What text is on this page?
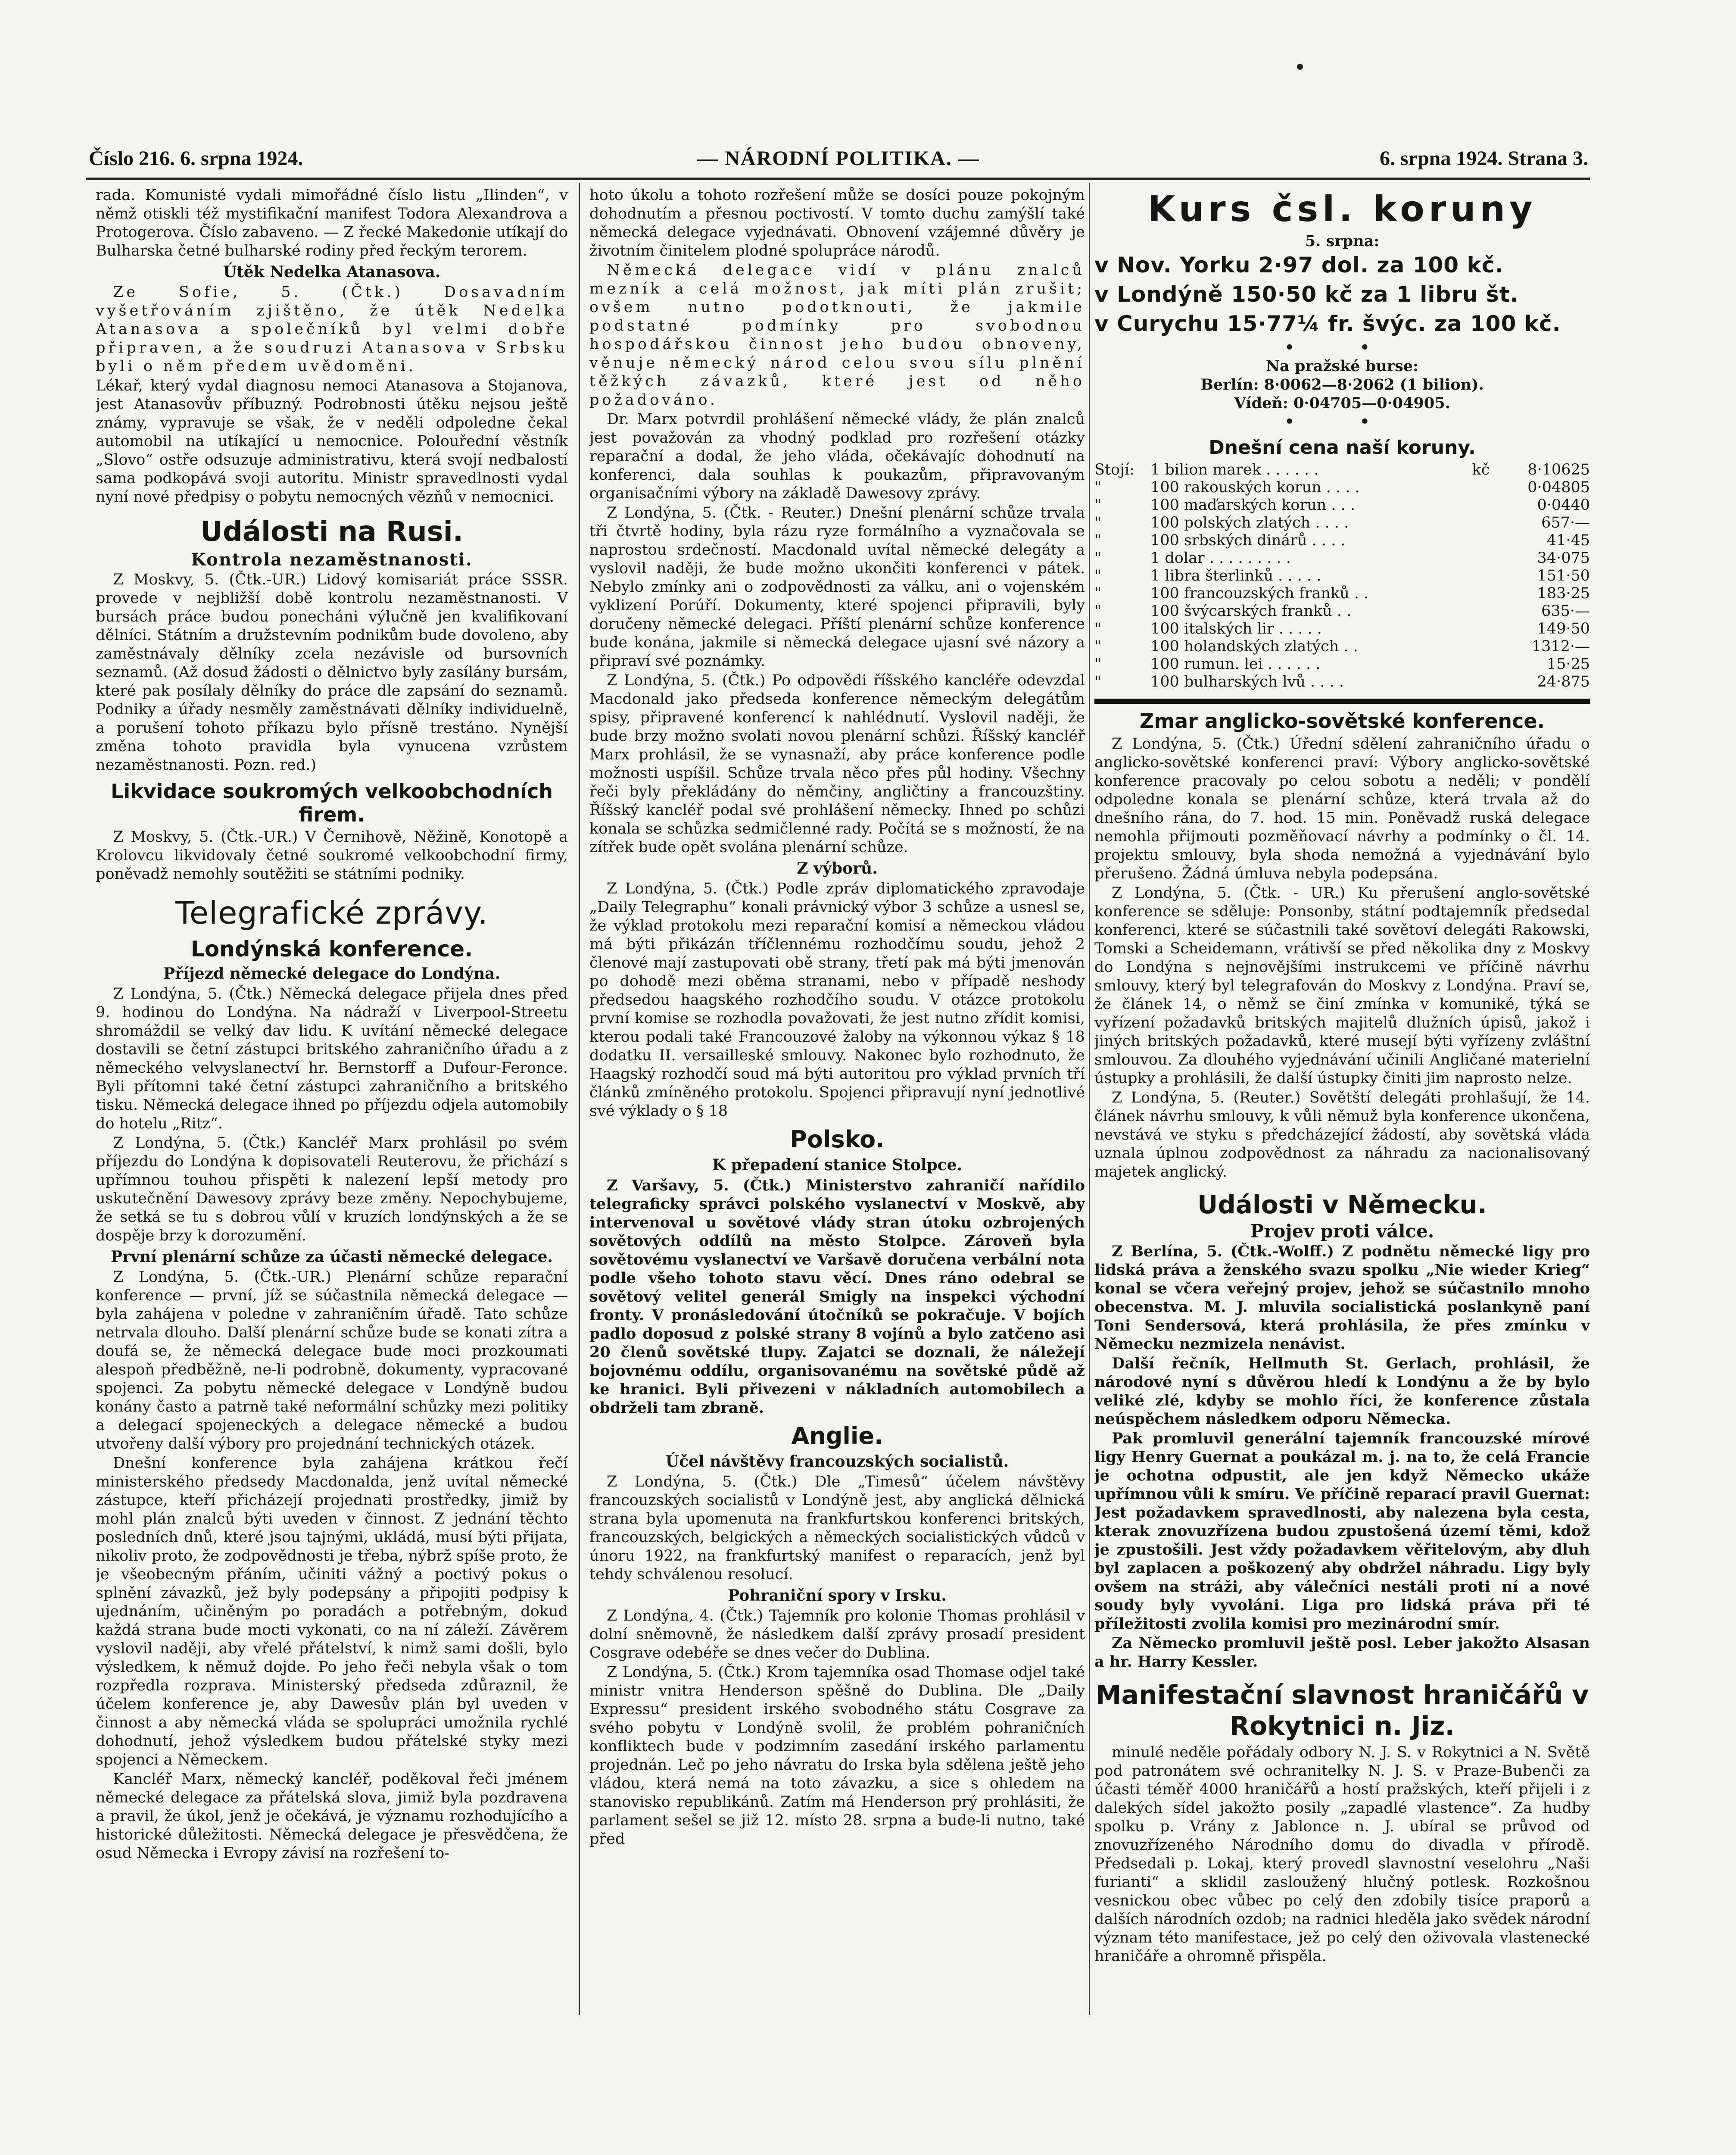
Číslo 216. 6. srpna 1924.	— NÁRODNÍ POLITIKA. —	6. srpna 1924. Strana 3.

rada. Komunisté vydali mimořádné číslo listu „Ilinden“, v němž otiskli též mystifikační manifest Todora Alexandrova a Protogerova. Číslo zabaveno. — Z řecké Makedonie utíkají do Bulharska četné bulharské rodiny před řeckým terorem.

Útěk Nedelka Atanasova.

Ze Sofie, 5. (Čtk.) Dosavadním vyšetřováním zjištěno, že útěk Nedelka Atanasova a společníků byl velmi dobře připraven, a že soudruzi Atanasova v Srbsku byli o něm předem uvědoměni.

Lékař, který vydal diagnosu nemoci Atanasova a Stojanova, jest Atanasovův příbuzný. Podrobnosti útěku nejsou ještě známy, vypravuje se však, že v neděli odpoledne čekal automobil na utíkající u nemocnice. Polouřední věstník „Slovo“ ostře odsuzuje administrativu, která svojí nedbalostí sama podkopává svoji autoritu. Ministr spravedlnosti vydal nyní nové předpisy o pobytu nemocných vězňů v nemocnici.

Události na Rusi.
Kontrola nezaměstnanosti.

Z Moskvy, 5. (Čtk.-UR.) Lidový komisariát práce SSSR. provede v nejbližší době kontrolu nezaměstnanosti. V bursách práce budou ponecháni výlučně jen kvalifikovaní dělníci. Státním a družstevním podnikům bude dovoleno, aby zaměstnávaly dělníky zcela nezávisle od bursovních seznamů. (Až dosud žádosti o dělnictvo byly zasílány bursám, které pak posílaly dělníky do práce dle zapsání do seznamů. Podniky a úřady nesměly zaměstnávati dělníky individuelně, a porušení tohoto příkazu bylo přísně trestáno. Nynější změna tohoto pravidla byla vynucena vzrůstem nezaměstnanosti. Pozn. red.)

Likvidace soukromých velkoobchodních firem.

Z Moskvy, 5. (Čtk.-UR.) V Černihově, Něžině, Konotopě a Krolovcu likvidovaly četné soukromé velkoobchodní firmy, poněvadž nemohly soutěžiti se státními podniky.

Telegrafické zprávy.
Londýnská konference.
Příjezd německé delegace do Londýna.

Z Londýna, 5. (Čtk.) Německá delegace přijela dnes před 9. hodinou do Londýna. Na nádraží v Liverpool-Streetu shromáždil se velký dav lidu. K uvítání německé delegace dostavili se četní zástupci britského zahraničního úřadu a z německého velvyslanectví hr. Bernstorff a Dufour-Feronce. Byli přítomni také četní zástupci zahraničního a britského tisku. Německá delegace ihned po příjezdu odjela automobily do hotelu „Ritz“.

Z Londýna, 5. (Čtk.) Kancléř Marx prohlásil po svém příjezdu do Londýna k dopisovateli Reuterovu, že přichází s upřímnou touhou přispěti k nalezení lepší metody pro uskutečnění Dawesovy zprávy beze změny. Nepochybujeme, že setká se tu s dobrou vůlí v kruzích londýnských a že se dospěje brzy k dorozumění.

První plenární schůze za účasti německé delegace.

Z Londýna, 5. (Čtk.-UR.) Plenární schůze reparační konference — první, jíž se súčastnila německá delegace — byla zahájena v poledne v zahraničním úřadě. Tato schůze netrvala dlouho. Další plenární schůze bude se konati zítra a doufá se, že německá delegace bude moci prozkoumati alespoň předběžně, ne-li podrobně, dokumenty, vypracované spojenci. Za pobytu německé delegace v Londýně budou konány často a patrně také neformální schůzky mezi politiky a delegací spojeneckých a delegace německé a budou utvořeny další výbory pro projednání technických otázek.

Dnešní konference byla zahájena krátkou řečí ministerského předsedy Macdonalda, jenž uvítal německé zástupce, kteří přicházejí projednati prostředky, jimiž by mohl plán znalců býti uveden v činnost. Z jednání těchto posledních dnů, které jsou tajnými, ukládá, musí býti přijata, nikoliv proto, že zodpovědnosti je třeba, nýbrž spíše proto, že je všeobecným přáním, učiniti vážný a poctivý pokus o splnění závazků, jež byly podepsány a připojiti podpisy k ujednáním, učiněným po poradách a potřebným, dokud každá strana bude mocti vykonati, co na ní záleží. Závěrem vyslovil naději, aby vřelé přátelství, k nimž sami došli, bylo výsledkem, k němuž dojde. Po jeho řeči nebyla však o tom rozpředla rozprava. Ministerský předseda zdůraznil, že účelem konference je, aby Dawesův plán byl uveden v činnost a aby německá vláda se spolupráci umožnila rychlé dohodnutí, jehož výsledkem budou přátelské styky mezi spojenci a Německem.

Kancléř Marx, německý kancléř, poděkoval řeči jménem německé delegace za přátelská slova, jimiž byla pozdravena a pravil, že úkol, jenž je očekává, je významu rozhodujícího a historické důležitosti. Německá delegace je přesvědčena, že osud Německa i Evropy závisí na rozřešení to-

hoto úkolu a tohoto rozřešení může se dosíci pouze pokojným dohodnutím a přesnou poctivostí. V tomto duchu zamýšlí také německá delegace vyjednávati. Obnovení vzájemné důvěry je životním činitelem plodné spolupráce národů.

Německá delegace vidí v plánu znalců mezník a celá možnost, jak míti plán zrušit; ovšem nutno podotknouti, že jakmile podstatné podmínky pro svobodnou hospodářskou činnost jeho budou obnoveny, věnuje německý národ celou svou sílu plnění těžkých závazků, které jest od něho požadováno.

Dr. Marx potvrdil prohlášení německé vlády, že plán znalců jest považován za vhodný podklad pro rozřešení otázky reparační a dodal, že jeho vláda, očekávajíc dohodnutí na konferenci, dala souhlas k poukazům, připravovaným organisačními výbory na základě Dawesovy zprávy.

Z Londýna, 5. (Čtk. - Reuter.) Dnešní plenární schůze trvala tři čtvrtě hodiny, byla rázu ryze formálního a vyznačovala se naprostou srdečností. Macdonald uvítal německé delegáty a vyslovil naději, že bude možno ukončiti konferenci v pátek. Nebylo zmínky ani o zodpovědnosti za válku, ani o vojenském vyklizení Porúří. Dokumenty, které spojenci připravili, byly doručeny německé delegaci. Příští plenární schůze konference bude konána, jakmile si německá delegace ujasní své názory a připraví své poznámky.

Z Londýna, 5. (Čtk.) Po odpovědi říšského kancléře odevzdal Macdonald jako předseda konference německým delegátům spisy, připravené konferencí k nahlédnutí. Vyslovil naději, že bude brzy možno svolati novou plenární schůzi. Říšský kancléř Marx prohlásil, že se vynasnaží, aby práce konference podle možnosti uspíšil. Schůze trvala něco přes půl hodiny. Všechny řeči byly překládány do němčiny, angličtiny a francouzštiny. Říšský kancléř podal své prohlášení německy. Ihned po schůzi konala se schůzka sedmičlenné rady. Počítá se s možností, že na zítřek bude opět svolána plenární schůze.

Z výborů.

Z Londýna, 5. (Čtk.) Podle zpráv diplomatického zpravodaje „Daily Telegraphu“ konali právnický výbor 3 schůze a usnesl se, že výklad protokolu mezi reparační komisí a německou vládou má býti přikázán tříčlennému rozhodčímu soudu, jehož 2 členové mají zastupovati obě strany, třetí pak má býti jmenován po dohodě mezi oběma stranami, nebo v případě neshody předsedou haagského rozhodčího soudu. V otázce protokolu první komise se rozhodla považovati, že jest nutno zřídit komisi, kterou podali také Francouzové žaloby na výkonnou výkaz § 18 dodatku II. versailleské smlouvy. Nakonec bylo rozhodnuto, že Haagský rozhodčí soud má býti autoritou pro výklad prvních tří článků zmíněného protokolu. Spojenci připravují nyní jednotlivé své výklady o § 18

Polsko.
K přepadení stanice Stolpce.

Z Varšavy, 5. (Čtk.) Ministerstvo zahraničí nařídilo telegraficky správci polského vyslanectví v Moskvě, aby intervenoval u sovětové vlády stran útoku ozbrojených sovětových oddílů na město Stolpce. Zároveň byla sovětovému vyslanectví ve Varšavě doručena verbální nota podle všeho tohoto stavu věcí. Dnes ráno odebral se sovětový velitel generál Smigly na inspekci východní fronty. V pronásledování útočníků se pokračuje. V bojích padlo doposud z polské strany 8 vojínů a bylo zatčeno asi 20 členů sovětské tlupy. Zajatci se doznali, že náležejí bojovnému oddílu, organisovanému na sovětské půdě až ke hranici. Byli přivezeni v nákladních automobilech a obdrželi tam zbraně.

Anglie.
Účel návštěvy francouzských socialistů.

Z Londýna, 5. (Čtk.) Dle „Timesů“ účelem návštěvy francouzských socialistů v Londýně jest, aby anglická dělnická strana byla upomenuta na frankfurtskou konferenci britských, francouzských, belgických a německých socialistických vůdců v únoru 1922, na frankfurtský manifest o reparacích, jenž byl tehdy schválenou resolucí.

Pohraniční spory v Irsku.

Z Londýna, 4. (Čtk.) Tajemník pro kolonie Thomas prohlásil v dolní sněmovně, že následkem další zprávy prosadí president Cosgrave odebéře se dnes večer do Dublina.

Z Londýna, 5. (Čtk.) Krom tajemníka osad Thomase odjel také ministr vnitra Henderson spěšně do Dublina. Dle „Daily Expressu“ president irského svobodného státu Cosgrave za svého pobytu v Londýně svolil, že problém pohraničních konfliktech bude v podzimním zasedání irského parlamentu projednán. Leč po jeho návratu do Irska byla sdělena ještě jeho vládou, která nemá na toto závazku, a sice s ohledem na stanovisko republikánů. Zatím má Henderson prý prohlásiti, že parlament sešel se již 12. místo 28. srpna a bude-li nutno, také před

Kurs čsl. koruny
5. srpna:
v Nov. Yorku 2·97 dol. za 100 kč.
v Londýně 150·50 kč za 1 libru št.
v Curychu 15·77¼ fr. švýc. za 100 kč.
• •
Na pražské burse:
Berlín: 8·0062—8·2062 (1 bilion).
Vídeň: 0·04705—0·04905.
• •
Dnešní cena naší koruny.
Stojí:	1 bilion marek . . . . . .	kč	8·10625
"	100 rakouských korun . . . .		0·04805
"	100 maďarských korun . . .		0·0440
"	100 polských zlatých . . . .		657·—
"	100 srbských dinárů . . . .		41·45
"	1 dolar . . . . . . . . .		34·075
"	1 libra šterlinků . . . . .		151·50
"	100 francouzských franků . .		183·25
"	100 švýcarských franků . .		635·—
"	100 italských lir . . . . .		149·50
"	100 holandských zlatých . .		1312·—
"	100 rumun. lei . . . . . .		15·25
"	100 bulharských lvů . . . .		24·875
Zmar anglicko-sovětské konference.

Z Londýna, 5. (Čtk.) Úřední sdělení zahraničního úřadu o anglicko-sovětské konferenci praví: Výbory anglicko-sovětské konference pracovaly po celou sobotu a neděli; v pondělí odpoledne konala se plenární schůze, která trvala až do dnešního rána, do 7. hod. 15 min. Poněvadž ruská delegace nemohla přijmouti pozměňovací návrhy a podmínky o čl. 14. projektu smlouvy, byla shoda nemožná a vyjednávání bylo přerušeno. Žádná úmluva nebyla podepsána.

Z Londýna, 5. (Čtk. - UR.) Ku přerušení anglo-sovětské konference se sděluje: Ponsonby, státní podtajemník předsedal konferenci, které se súčastnili také sovětoví delegáti Rakowski, Tomski a Scheidemann, vrátivší se před několika dny z Moskvy do Londýna s nejnovějšími instrukcemi ve příčině návrhu smlouvy, který byl telegrafován do Moskvy z Londýna. Praví se, že článek 14, o němž se činí zmínka v komuniké, týká se vyřízení požadavků britských majitelů dlužních úpisů, jakož i jiných britských požadavků, které musejí býti vyřízeny zvláštní smlouvou. Za dlouhého vyjednávání učinili Angličané materielní ústupky a prohlásili, že další ústupky činiti jim naprosto nelze.

Z Londýna, 5. (Reuter.) Sovětští delegáti prohlašují, že 14. článek návrhu smlouvy, k vůli němuž byla konference ukončena, nevstává ve styku s předcházející žádostí, aby sovětská vláda uznala úplnou zodpovědnost za náhradu za nacionalisovaný majetek anglický.

Události v Německu.
Projev proti válce.

Z Berlína, 5. (Čtk.-Wolff.) Z podnětu německé ligy pro lidská práva a ženského svazu spolku „Nie wieder Krieg“ konal se včera veřejný projev, jehož se súčastnilo mnoho obecenstva. M. J. mluvila socialistická poslankyně paní Toni Sendersová, která prohlásila, že přes zmínku v Německu nezmizela nenávist.

Další řečník, Hellmuth St. Gerlach, prohlásil, že národové nyní s důvěrou hledí k Londýnu a že by bylo veliké zlé, kdyby se mohlo říci, že konference zůstala neúspěchem následkem odporu Německa.

Pak promluvil generální tajemník francouzské mírové ligy Henry Guernat a poukázal m. j. na to, že celá Francie je ochotna odpustit, ale jen když Německo ukáže upřímnou vůli k smíru. Ve příčině reparací pravil Guernat: Jest požadavkem spravedlnosti, aby nalezena byla cesta, kterak znovuzřízena budou zpustošená území těmi, kdož je zpustošili. Jest vždy požadavkem věřitelovým, aby dluh byl zaplacen a poškozený aby obdržel náhradu. Ligy byly ovšem na stráži, aby válečníci nestáli proti ní a nové soudy byly vyvoláni. Liga pro lidská práva při té příležitosti zvolila komisi pro mezinárodní smír.

Za Německo promluvil ještě posl. Leber jakožto Alsasan a hr. Harry Kessler.

Manifestační slavnost hraničářů v Rokytnici n. Jiz.

minulé neděle pořádaly odbory N. J. S. v Rokytnici a N. Světě pod patronátem své ochranitelky N. J. S. v Praze-Bubenči za účasti téměř 4000 hraničářů a hostí pražských, kteří přijeli i z dalekých sídel jakožto posily „zapadlé vlastence“. Za hudby spolku p. Vrány z Jablonce n. J. ubíral se průvod od znovuzřízeného Národního domu do divadla v přírodě. Předsedali p. Lokaj, který provedl slavnostní veselohru „Naši furianti“ a sklidil zasloužený hlučný potlesk. Rozkošnou vesnickou obec vůbec po celý den zdobily tisíce praporů a dalších národních ozdob; na radnici hleděla jako svědek národní význam této manifestace, jež po celý den oživovala vlastenecké hraničáře a ohromně přispěla.
